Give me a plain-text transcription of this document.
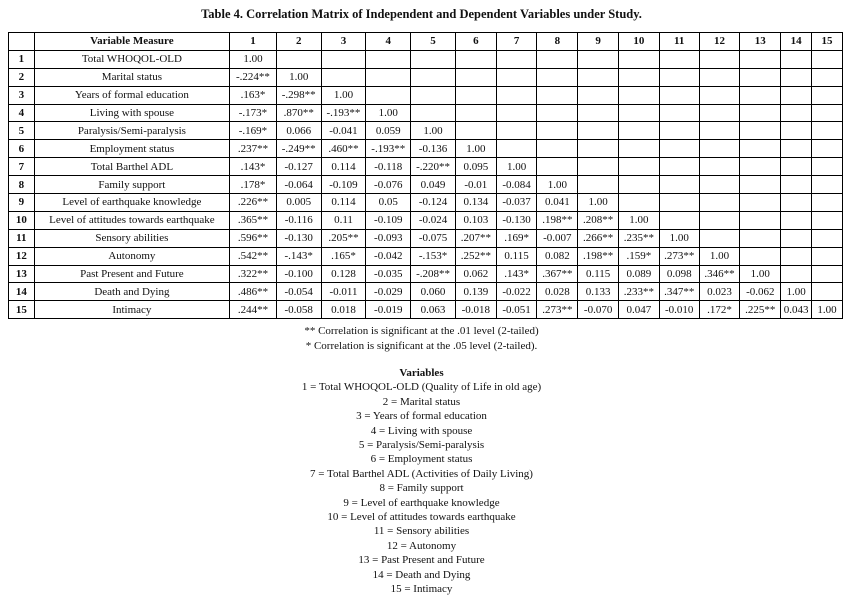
Table 4. Correlation Matrix of Independent and Dependent Variables under Study.
	Variable Measure	1	2	3	4	5	6	7	8	9	10	11	12	13	14	15
1	Total WHOQOL-OLD	1.00														
2	Marital status	-.224**	1.00													
3	Years of formal education	.163*	-.298**	1.00												
4	Living with spouse	-.173*	.870**	-.193**	1.00											
5	Paralysis/Semi-paralysis	-.169*	0.066	-0.041	0.059	1.00										
6	Employment status	.237**	-.249**	.460**	-.193**	-0.136	1.00									
7	Total Barthel ADL	.143*	-0.127	0.114	-0.118	-.220**	0.095	1.00								
8	Family support	.178*	-0.064	-0.109	-0.076	0.049	-0.01	-0.084	1.00							
9	Level of earthquake knowledge	.226**	0.005	0.114	0.05	-0.124	0.134	-0.037	0.041	1.00						
10	Level of attitudes towards earthquake	.365**	-0.116	0.11	-0.109	-0.024	0.103	-0.130	.198**	.208**	1.00					
11	Sensory abilities	.596**	-0.130	.205**	-0.093	-0.075	.207**	.169*	-0.007	.266**	.235**	1.00				
12	Autonomy	.542**	-.143*	.165*	-0.042	-.153*	.252**	0.115	0.082	.198**	.159*	.273**	1.00			
13	Past Present and Future	.322**	-0.100	0.128	-0.035	-.208**	0.062	.143*	.367**	0.115	0.089	0.098	.346**	1.00		
14	Death and Dying	.486**	-0.054	-0.011	-0.029	0.060	0.139	-0.022	0.028	0.133	.233**	.347**	0.023	-0.062	1.00	
15	Intimacy	.244**	-0.058	0.018	-0.019	0.063	-0.018	-0.051	.273**	-0.070	0.047	-0.010	.172*	.225**	0.043	1.00
** Correlation is significant at the .01 level (2-tailed)
* Correlation is significant at the .05 level (2-tailed).
Variables
1 = Total WHOQOL-OLD (Quality of Life in old age)
2 = Marital status
3 = Years of formal education
4 = Living with spouse
5 = Paralysis/Semi-paralysis
6 = Employment status
7 = Total Barthel ADL (Activities of Daily Living)
8 = Family support
9 = Level of earthquake knowledge
10 = Level of attitudes towards earthquake
11 = Sensory abilities
12 = Autonomy
13 = Past Present and Future
14 = Death and Dying
15 = Intimacy
